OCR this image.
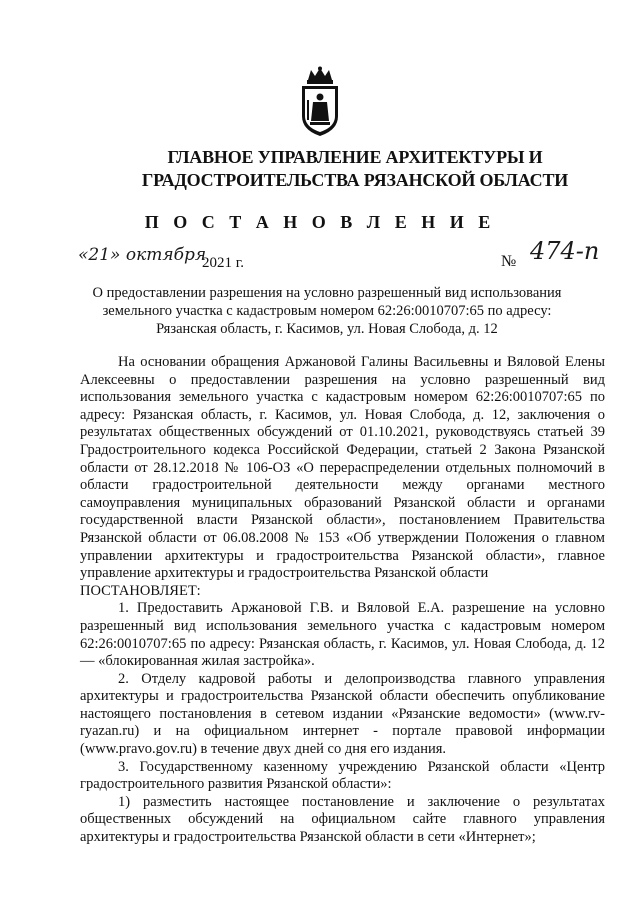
ГЛАВНОЕ УПРАВЛЕНИЕ АРХИТЕКТУРЫ И ГРАДОСТРОИТЕЛЬСТВА РЯЗАНСКОЙ ОБЛАСТИ
П О С Т А Н О В Л Е Н И Е
«21» октября
2021 г.	№ 474-п
О предоставлении разрешения на условно разрешенный вид использования земельного участка с кадастровым номером 62:26:0010707:65 по адресу: Рязанская область, г. Касимов, ул. Новая Слобода, д. 12

На основании обращения Аржановой Галины Васильевны и Вяловой Елены Алексеевны о предоставлении разрешения на условно разрешенный вид использования земельного участка с кадастровым номером 62:26:0010707:65 по адресу: Рязанская область, г. Касимов, ул. Новая Слобода, д. 12, заключения о результатах общественных обсуждений от 01.10.2021, руководствуясь статьей 39 Градостроительного кодекса Российской Федерации, статьей 2 Закона Рязанской области от 28.12.2018 № 106-ОЗ «О перераспределении отдельных полномочий в области градостроительной деятельности между органами местного самоуправления муниципальных образований Рязанской области и органами государственной власти Рязанской области», постановлением Правительства Рязанской области от 06.08.2008 № 153 «Об утверждении Положения о главном управлении архитектуры и градостроительства Рязанской области», главное управление архитектуры и градостроительства Рязанской области

ПОСТАНОВЛЯЕТ:

1. Предоставить Аржановой Г.В. и Вяловой Е.А. разрешение на условно разрешенный вид использования земельного участка с кадастровым номером 62:26:0010707:65 по адресу: Рязанская область, г. Касимов, ул. Новая Слобода, д. 12 — «блокированная жилая застройка».

2. Отделу кадровой работы и делопроизводства главного управления архитектуры и градостроительства Рязанской области обеспечить опубликование настоящего постановления в сетевом издании «Рязанские ведомости» (www.rv-ryazan.ru) и на официальном интернет - портале правовой информации (www.pravo.gov.ru) в течение двух дней со дня его издания.

3. Государственному казенному учреждению Рязанской области «Центр градостроительного развития Рязанской области»:

1) разместить настоящее постановление и заключение о результатах общественных обсуждений на официальном сайте главного управления архитектуры и градостроительства Рязанской области в сети «Интернет»;
